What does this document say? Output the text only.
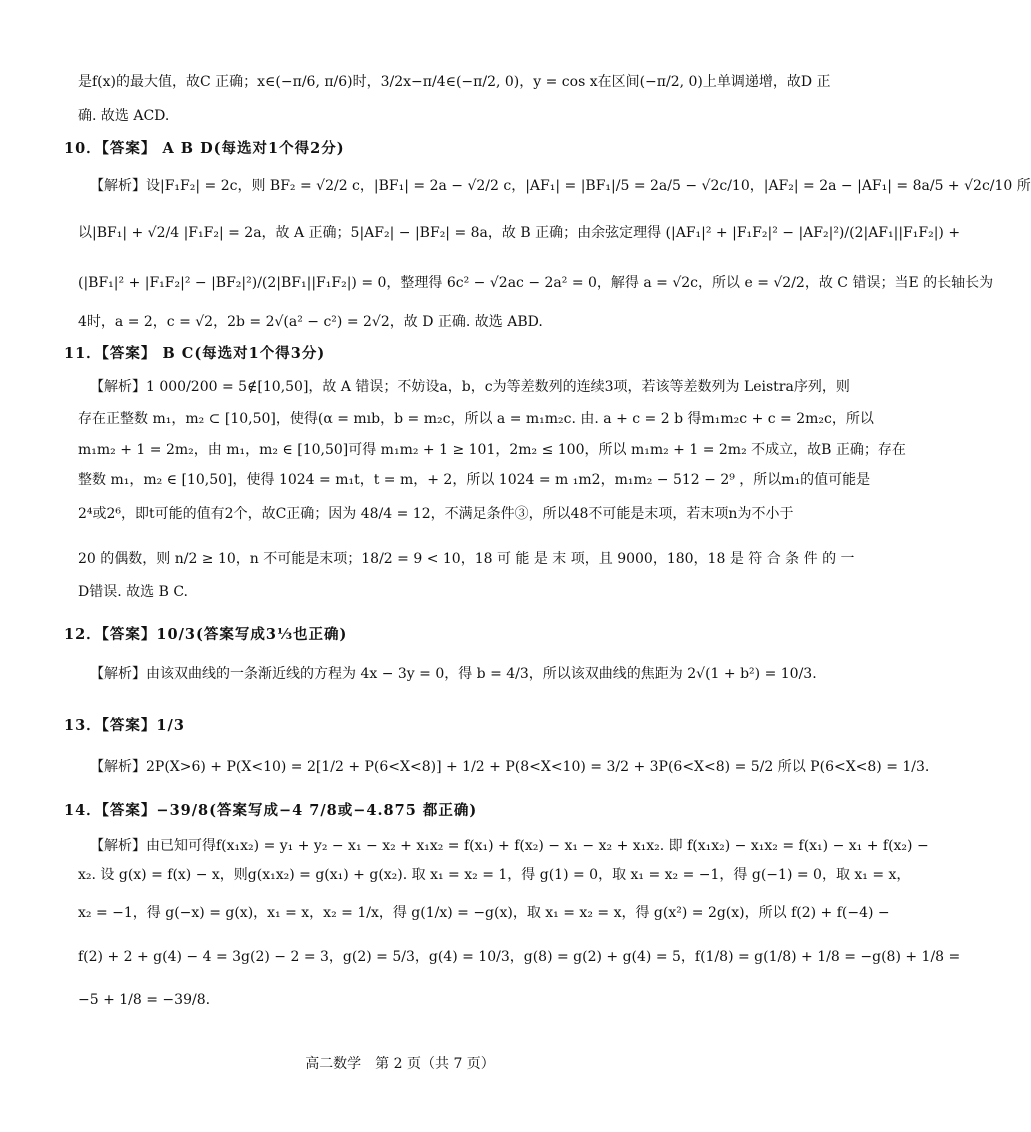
是f(x)的最大值，故C 正确；x∈(−π/6, π/6)时，3/2x−π/4∈(−π/2, 0)，y = cos x在区间(−π/2, 0)上单调递增，故D 正
确. 故选 ACD.
10．【答案】 A B D(每选对1个得2分)
【解析】设|F₁F₂| = 2c，则 BF₂ = √2/2 c，|BF₁| = 2a − √2/2 c，|AF₁| = |BF₁|/5 = 2a/5 − √2c/10，|AF₂| = 2a − |AF₁| = 8a/5 + √2c/10 所
以|BF₁| + √2/4 |F₁F₂| = 2a，故 A 正确；5|AF₂| − |BF₂| = 8a，故 B 正确；由余弦定理得 (|AF₁|² + |F₁F₂|² − |AF₂|²)/(2|AF₁||F₁F₂|) +
(|BF₁|² + |F₁F₂|² − |BF₂|²)/(2|BF₁||F₁F₂|) = 0，整理得 6c² − √2ac − 2a² = 0，解得 a = √2c，所以 e = √2/2，故 C 错误；当E 的长轴长为
4时，a = 2，c = √2，2b = 2√(a² − c²) = 2√2，故 D 正确. 故选 ABD.
11．【答案】 B C(每选对1个得3分)
【解析】1 000/200 = 5∉[10,50]，故 A 错误；不妨设a，b，c为等差数列的连续3项，若该等差数列为 Leistra序列，则
存在正整数 m₁，m₂ ⊂ [10,50]，使得(α = mıb，b = m₂c，所以 a = m₁m₂c. 由. a + c = 2 b 得m₁m₂c + c = 2m₂c，所以
m₁m₂ + 1 = 2m₂，由 m₁，m₂ ∈ [10,50]可得 m₁m₂ + 1 ≥ 101，2m₂ ≤ 100，所以 m₁m₂ + 1 = 2m₂ 不成立，故B 正确；存在
整数 m₁，m₂ ∈ [10,50]，使得 1024 = m₁t，t = m，+ 2，所以 1024 = m ₁m2，m₁m₂ − 512 − 2⁹ ，所以m₁的值可能是
2⁴或2⁶，即t可能的值有2个，故C正确；因为 48/4 = 12，不满足条件③，所以48不可能是末项，若末项n为不小于
20 的偶数，则 n/2 ≥ 10，n 不可能是末项；18/2 = 9 < 10，18 可 能 是 末 项，且 9000，180，18 是 符 合 条 件 的 一
D错误. 故选 B C.
12．【答案】10/3(答案写成3⅓也正确)
【解析】由该双曲线的一条渐近线的方程为 4x − 3y = 0，得 b = 4/3，所以该双曲线的焦距为 2√(1 + b²) = 10/3.
13．【答案】1/3
【解析】2P(X>6) + P(X<10) = 2[1/2 + P(6<X<8)] + 1/2 + P(8<X<10) = 3/2 + 3P(6<X<8) = 5/2 所以 P(6<X<8) = 1/3.
14．【答案】−39/8(答案写成−4 7/8或−4.875 都正确)
【解析】由已知可得f(x₁x₂) = y₁ + y₂ − x₁ − x₂ + x₁x₂ = f(x₁) + f(x₂) − x₁ − x₂ + x₁x₂. 即 f(x₁x₂) − x₁x₂ = f(x₁) − x₁ + f(x₂) −
x₂. 设 g(x) = f(x) − x，则g(x₁x₂) = g(x₁) + g(x₂). 取 x₁ = x₂ = 1，得 g(1) = 0，取 x₁ = x₂ = −1，得 g(−1) = 0，取 x₁ = x，
x₂ = −1，得 g(−x) = g(x)，x₁ = x，x₂ = 1/x，得 g(1/x) = −g(x)，取 x₁ = x₂ = x，得 g(x²) = 2g(x)，所以 f(2) + f(−4) −
f(2) + 2 + g(4) − 4 = 3g(2) − 2 = 3，g(2) = 5/3，g(4) = 10/3，g(8) = g(2) + g(4) = 5，f(1/8) = g(1/8) + 1/8 = −g(8) + 1/8 =
−5 + 1/8 = −39/8.
高二数学　第 2 页（共 7 页）
